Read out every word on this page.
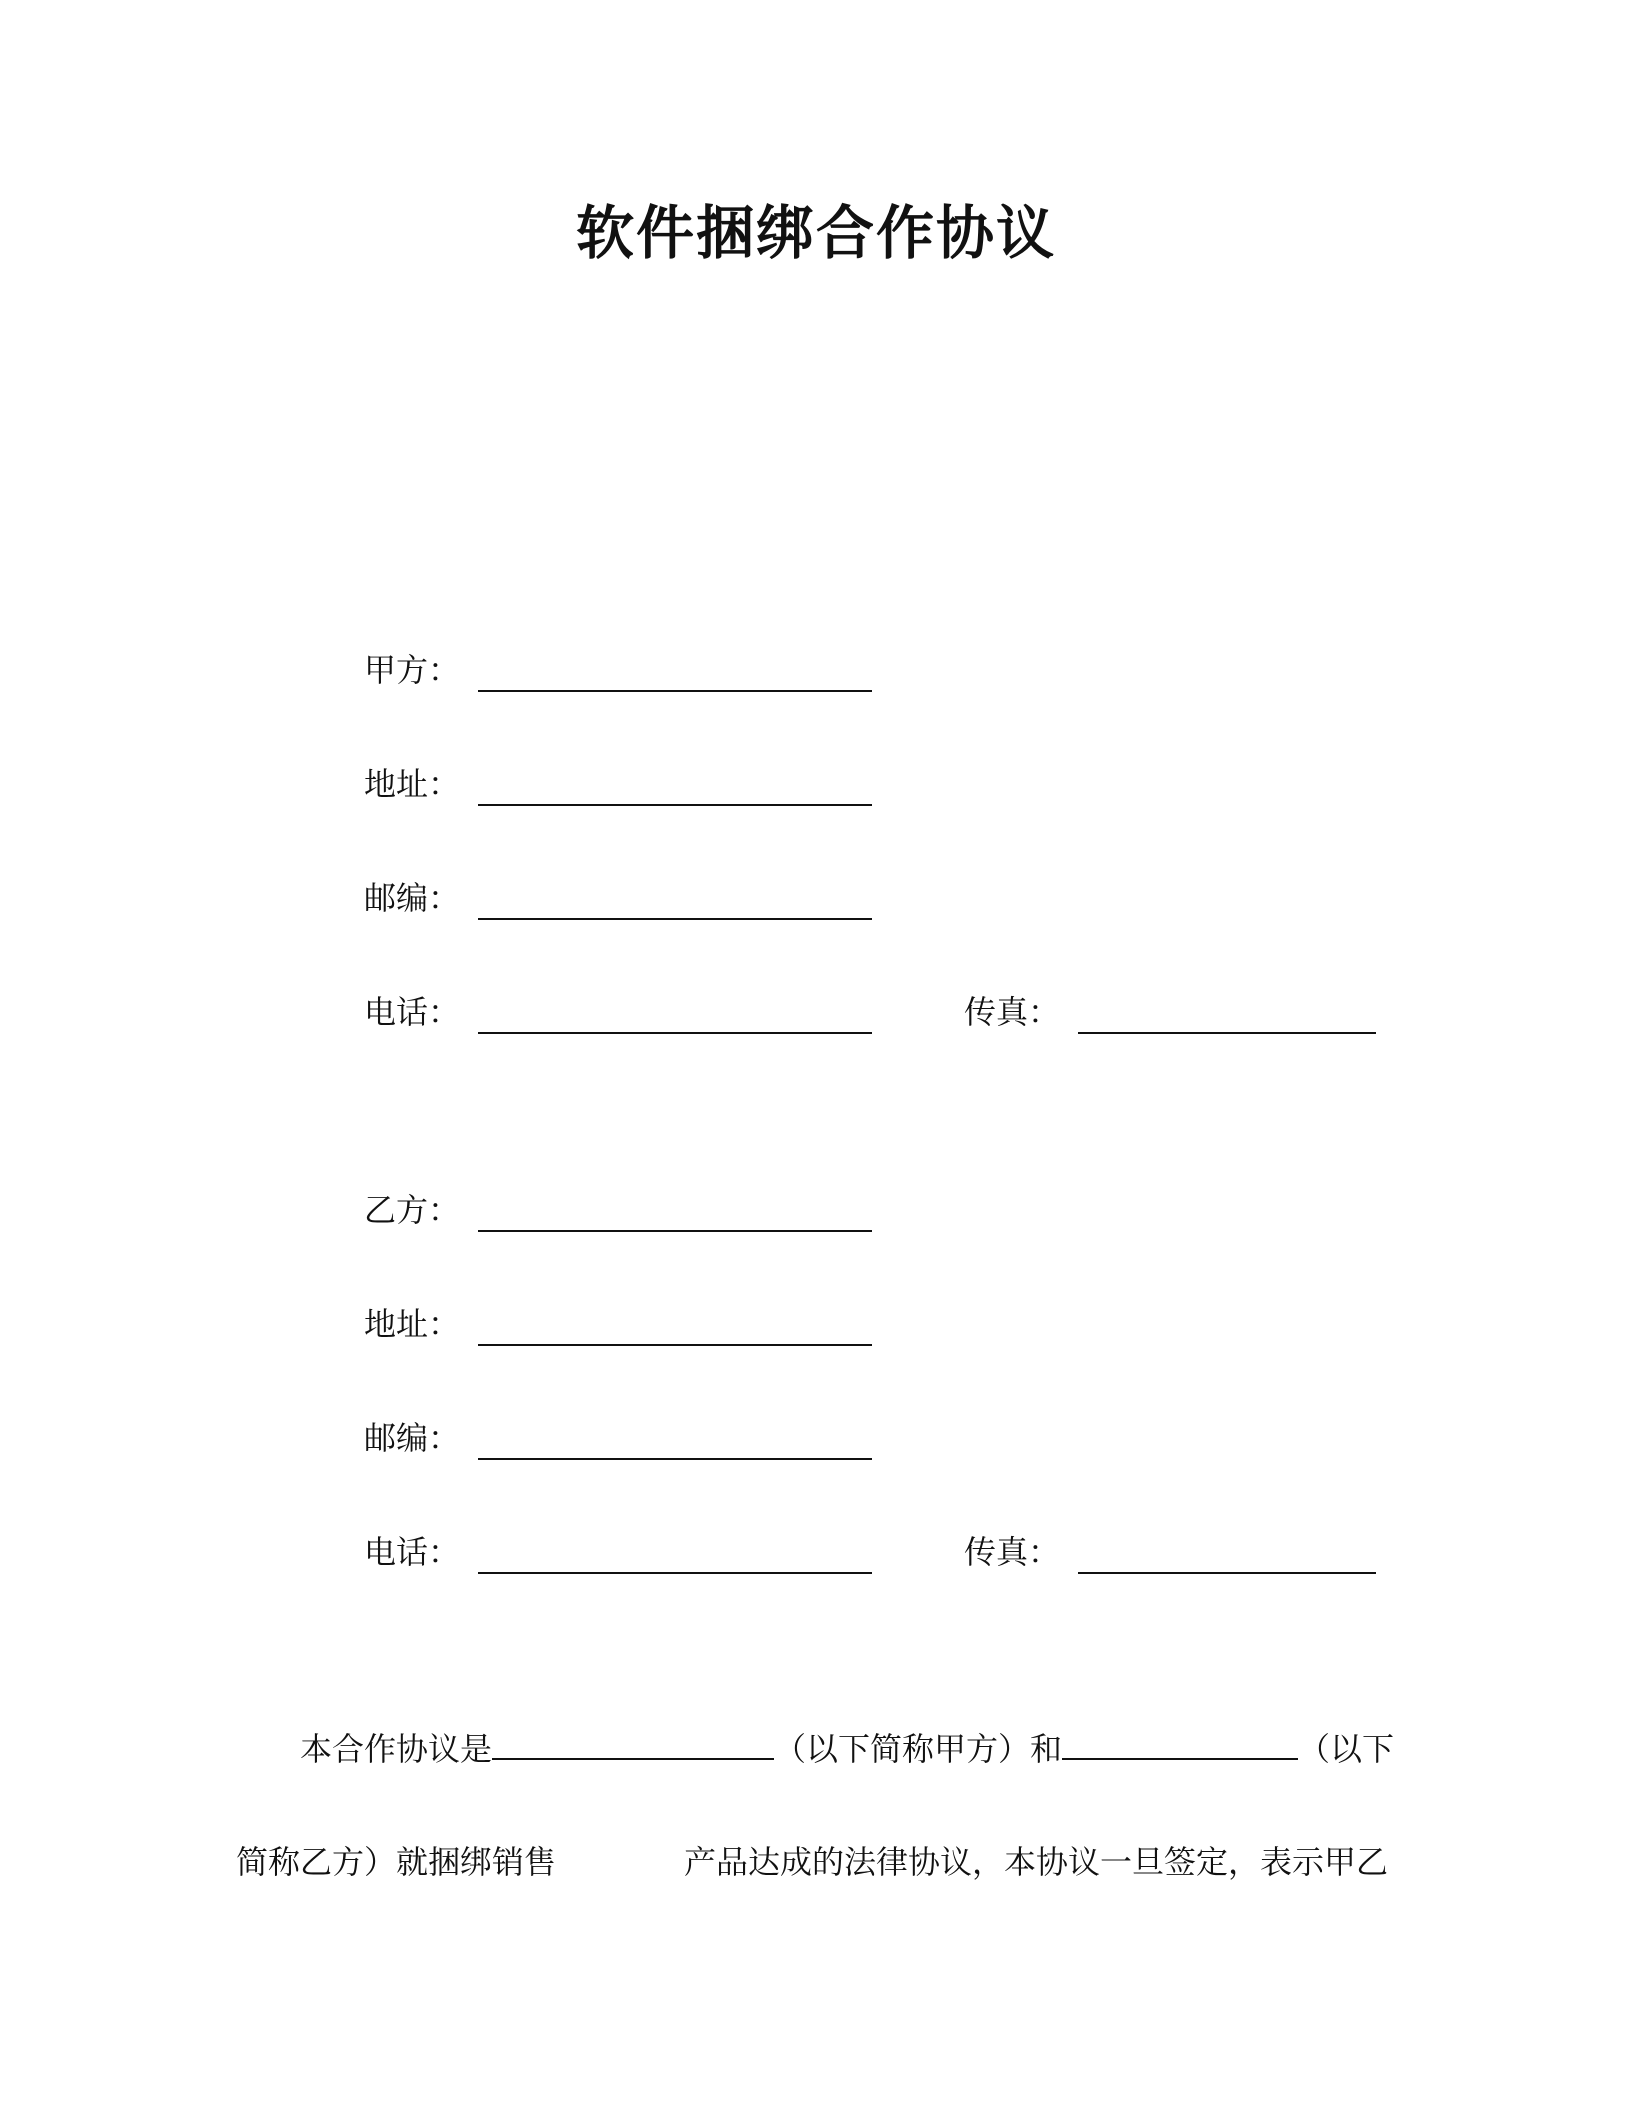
软件捆绑合作协议
甲方：
地址：
邮编：
电话：	传真：
乙方：
地址：
邮编：
电话：	传真：
本合作协议是	（以下简称甲方）和	（以下
简称乙方）就捆绑销售	产品达成的法律协议，本协议一旦签定，表示甲乙
